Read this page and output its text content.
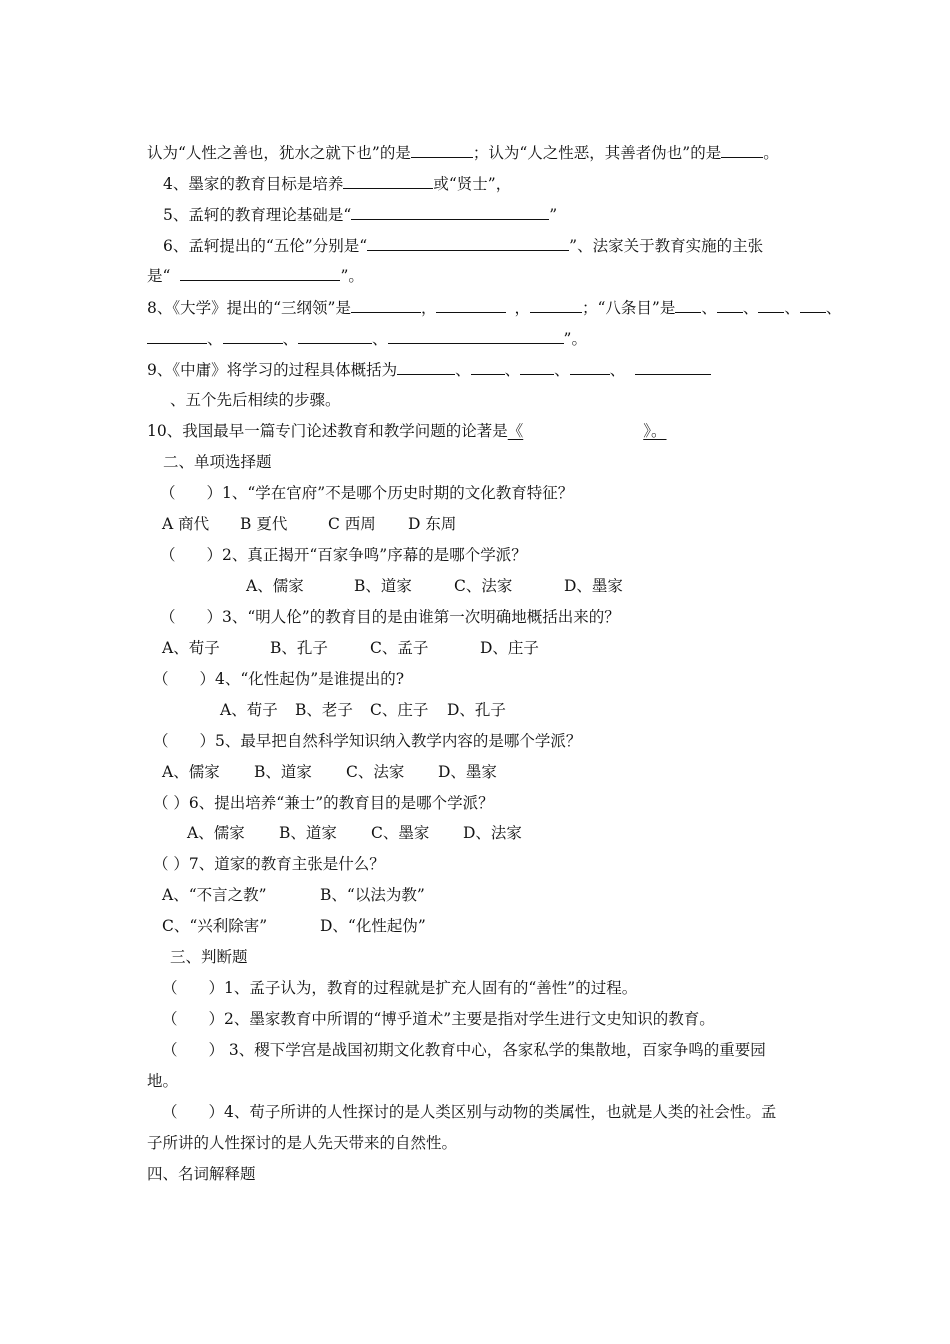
认为“人性之善也，犹水之就下也”的是	；认为“人之性恶，其善者伪也”的是	。
4、墨家的教育目标是培养	或“贤士”，
5、孟轲的教育理论基础是“	”
6、孟轲提出的“五伦”分别是“	”、法家关于教育实施的主张
是“	”。
8、《大学》提出的“三纲领”是	，	，	；“八条目”是 、 、 、 、
、	、	、	”。
9、《中庸》将学习的过程具体概括为	、 、 、	、
、五个先后相续的步骤。
10、我国最早一篇专门论述教育和教学问题的论著是《	》。
二、单项选择题
（　　）1、“学在官府”不是哪个历史时期的文化教育特征？
A 商代 B 夏代	C 西周 D 东周
（　　）2、真正揭开“百家争鸣”序幕的是哪个学派？
A、儒家	B、道家	C、法家	D、墨家
（　　）3、“明人伦”的教育目的是由谁第一次明确地概括出来的？
A、荀子	B、孔子	C、孟子	D、庄子
（　　）4、“化性起伪”是谁提出的?
A、荀子 B、老子 C、庄子 D、孔子
（　　）5、最早把自然科学知识纳入教学内容的是哪个学派？
A、儒家 B、道家 C、法家 D、墨家
（ ）6、提出培养“兼士”的教育目的是哪个学派？
A、儒家 B、道家 C、墨家 D、法家
（ ）7、道家的教育主张是什么？
A、“不言之教”	B、“以法为教”
C、“兴利除害”	D、“化性起伪”
三、判断题
（　　）1、孟子认为，教育的过程就是扩充人固有的“善性”的过程。
（　　）2、墨家教育中所谓的“博乎道术”主要是指对学生进行文史知识的教育。
（　　） 3、稷下学宫是战国初期文化教育中心，各家私学的集散地，百家争鸣的重要园
地。
（　　）4、荀子所讲的人性探讨的是人类区别与动物的类属性，也就是人类的社会性。孟
子所讲的人性探讨的是人先天带来的自然性。
四、名词解释题
